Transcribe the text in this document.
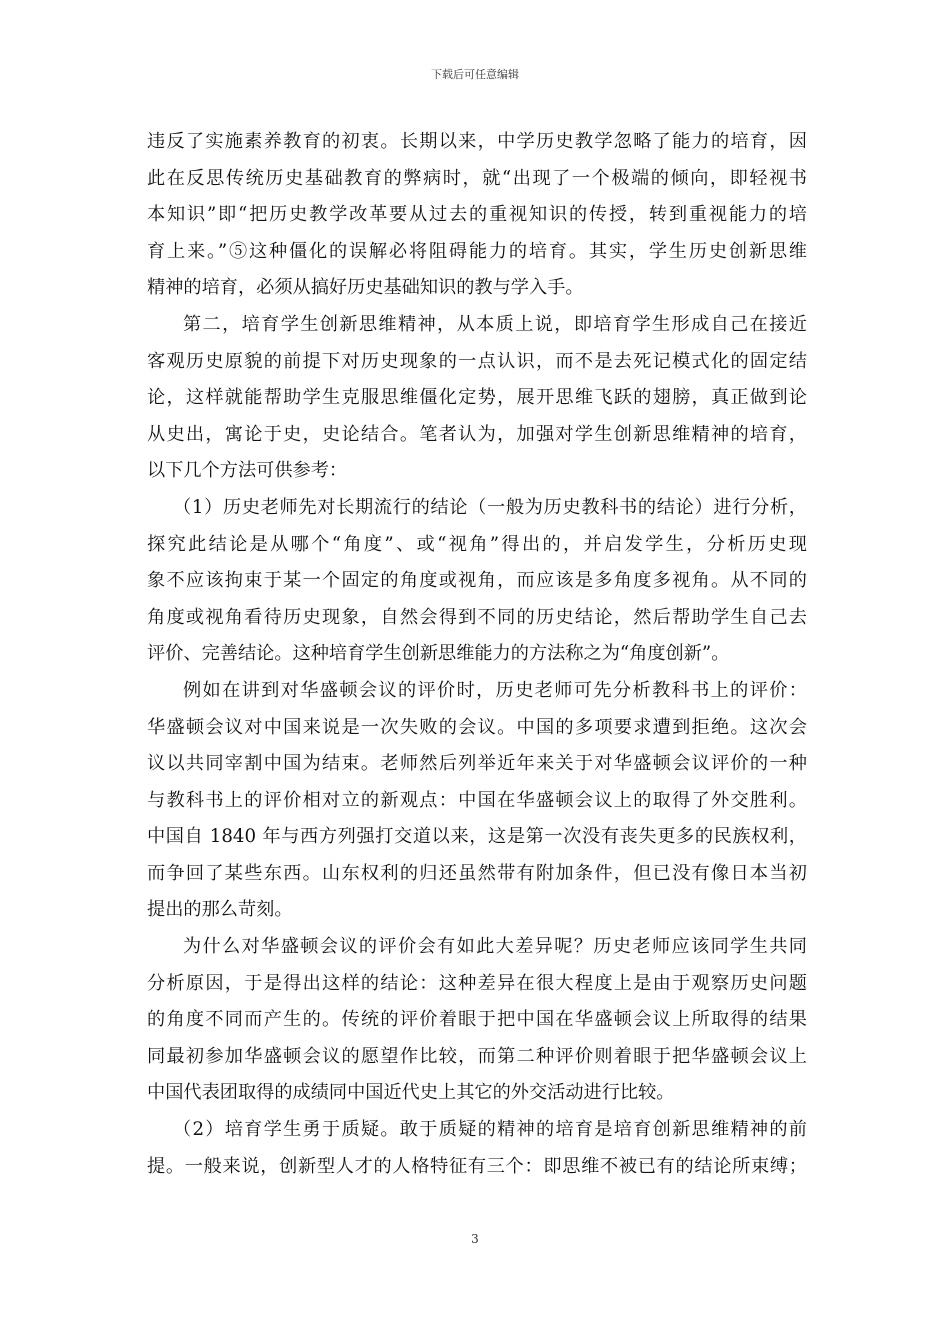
下载后可任意编辑
违反了实施素养教育的初衷。长期以来，中学历史教学忽略了能力的培育，因
此在反思传统历史基础教育的弊病时，就“出现了一个极端的倾向，即轻视书
本知识”即“把历史教学改革要从过去的重视知识的传授，转到重视能力的培
育上来。”⑤这种僵化的误解必将阻碍能力的培育。其实，学生历史创新思维
精神的培育，必须从搞好历史基础知识的教与学入手。
第二，培育学生创新思维精神，从本质上说，即培育学生形成自己在接近
客观历史原貌的前提下对历史现象的一点认识，而不是去死记模式化的固定结
论，这样就能帮助学生克服思维僵化定势，展开思维飞跃的翅膀，真正做到论
从史出，寓论于史，史论结合。笔者认为，加强对学生创新思维精神的培育，
以下几个方法可供参考：
（1）历史老师先对长期流行的结论（一般为历史教科书的结论）进行分析，
探究此结论是从哪个“角度”、或“视角”得出的，并启发学生，分析历史现
象不应该拘束于某一个固定的角度或视角，而应该是多角度多视角。从不同的
角度或视角看待历史现象，自然会得到不同的历史结论，然后帮助学生自己去
评价、完善结论。这种培育学生创新思维能力的方法称之为“角度创新”。
例如在讲到对华盛顿会议的评价时，历史老师可先分析教科书上的评价：
华盛顿会议对中国来说是一次失败的会议。中国的多项要求遭到拒绝。这次会
议以共同宰割中国为结束。老师然后列举近年来关于对华盛顿会议评价的一种
与教科书上的评价相对立的新观点：中国在华盛顿会议上的取得了外交胜利。
中国自 1840 年与西方列强打交道以来，这是第一次没有丧失更多的民族权利，
而争回了某些东西。山东权利的归还虽然带有附加条件，但已没有像日本当初
提出的那么苛刻。
为什么对华盛顿会议的评价会有如此大差异呢？历史老师应该同学生共同
分析原因，于是得出这样的结论：这种差异在很大程度上是由于观察历史问题
的角度不同而产生的。传统的评价着眼于把中国在华盛顿会议上所取得的结果
同最初参加华盛顿会议的愿望作比较，而第二种评价则着眼于把华盛顿会议上
中国代表团取得的成绩同中国近代史上其它的外交活动进行比较。
（2）培育学生勇于质疑。敢于质疑的精神的培育是培育创新思维精神的前
提。一般来说，创新型人才的人格特征有三个：即思维不被已有的结论所束缚；
3
